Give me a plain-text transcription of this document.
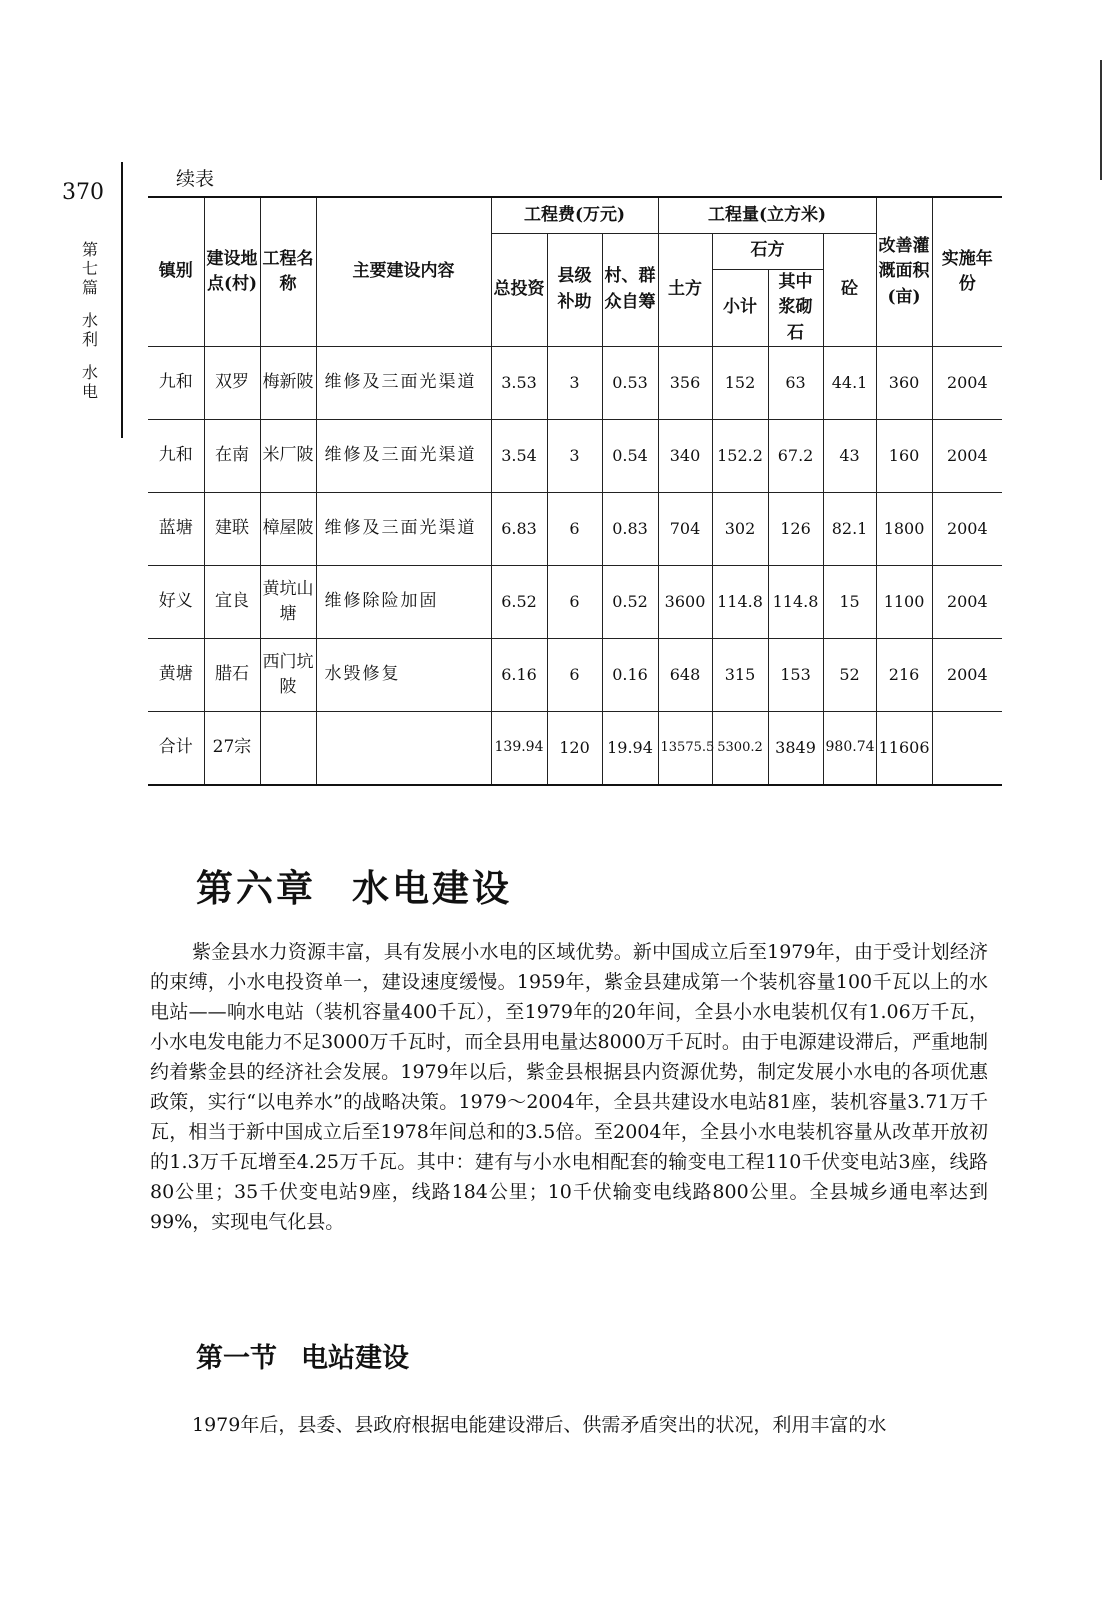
370
第七篇
水利
水电
续表
镇别	建设地点(村)	工程名称	主要建设内容	工程费(万元)			工程量(立方米)				改善灌溉面积(亩)	实施年份
				总投资	县级补助	村、群众自筹	土方	石方		砼		
								小计	其中浆砌石			
九和	双罗	梅新陂	维修及三面光渠道	3.53	3	0.53	356	152	63	44.1	360	2004
九和	在南	米厂陂	维修及三面光渠道	3.54	3	0.54	340	152.2	67.2	43	160	2004
蓝塘	建联	樟屋陂	维修及三面光渠道	6.83	6	0.83	704	302	126	82.1	1800	2004
好义	宜良	黄坑山塘	维修除险加固	6.52	6	0.52	3600	114.8	114.8	15	1100	2004
黄塘	腊石	西门坑陂	水毁修复	6.16	6	0.16	648	315	153	52	216	2004
合计	27宗			139.94	120	19.94	13575.5	5300.2	3849	980.74	11606	
第六章 水电建设

紫金县水力资源丰富，具有发展小水电的区域优势。新中国成立后至1979年，由于受计划经济的束缚，小水电投资单一，建设速度缓慢。1959年，紫金县建成第一个装机容量100千瓦以上的水电站——响水电站（装机容量400千瓦），至1979年的20年间，全县小水电装机仅有1.06万千瓦，小水电发电能力不足3000万千瓦时，而全县用电量达8000万千瓦时。由于电源建设滞后，严重地制约着紫金县的经济社会发展。1979年以后，紫金县根据县内资源优势，制定发展小水电的各项优惠政策，实行“以电养水”的战略决策。1979～2004年，全县共建设水电站81座，装机容量3.71万千瓦，相当于新中国成立后至1978年间总和的3.5倍。至2004年，全县小水电装机容量从改革开放初的1.3万千瓦增至4.25万千瓦。其中：建有与小水电相配套的输变电工程110千伏变电站3座，线路80公里；35千伏变电站9座，线路184公里；10千伏输变电线路800公里。全县城乡通电率达到99%，实现电气化县。

第一节 电站建设

1979年后，县委、县政府根据电能建设滞后、供需矛盾突出的状况，利用丰富的水
